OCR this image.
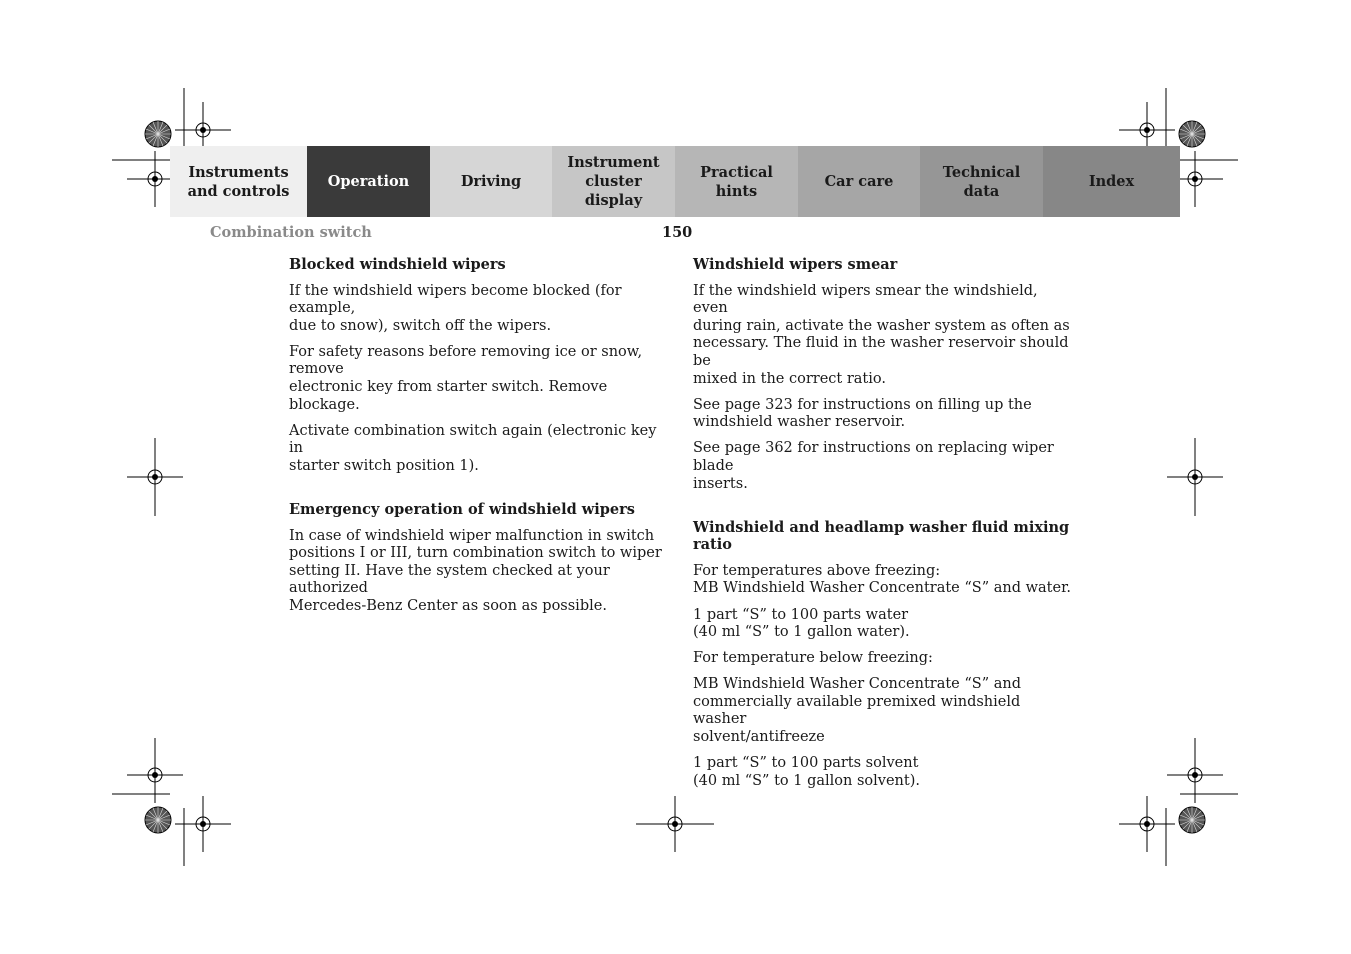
Instruments
and controls
Operation	Driving
Instrument
cluster display
Practical hints
Car care
Technical
data
Index
Combination switch	150
Blocked windshield wipers

If the windshield wipers become blocked (for example,
due to snow), switch off the wipers.

For safety reasons before removing ice or snow, remove
electronic key from starter switch. Remove blockage.

Activate combination switch again (electronic key in
starter switch position 1).

Emergency operation of windshield wipers

In case of windshield wiper malfunction in switch
positions I or III, turn combination switch to wiper
setting II. Have the system checked at your authorized
Mercedes-Benz Center as soon as possible.

Windshield wipers smear

If the windshield wipers smear the windshield, even
during rain, activate the washer system as often as
necessary. The fluid in the washer reservoir should be
mixed in the correct ratio.

See page 323 for instructions on filling up the
windshield washer reservoir.

See page 362 for instructions on replacing wiper blade
inserts.

Windshield and headlamp washer fluid mixing ratio

For temperatures above freezing:
MB Windshield Washer Concentrate “S” and water.

1 part “S” to 100 parts water
(40 ml “S” to 1 gallon water).

For temperature below freezing:

MB Windshield Washer Concentrate “S” and
commercially available premixed windshield washer
solvent/antifreeze

1 part “S” to 100 parts solvent
(40 ml “S” to 1 gallon solvent).
